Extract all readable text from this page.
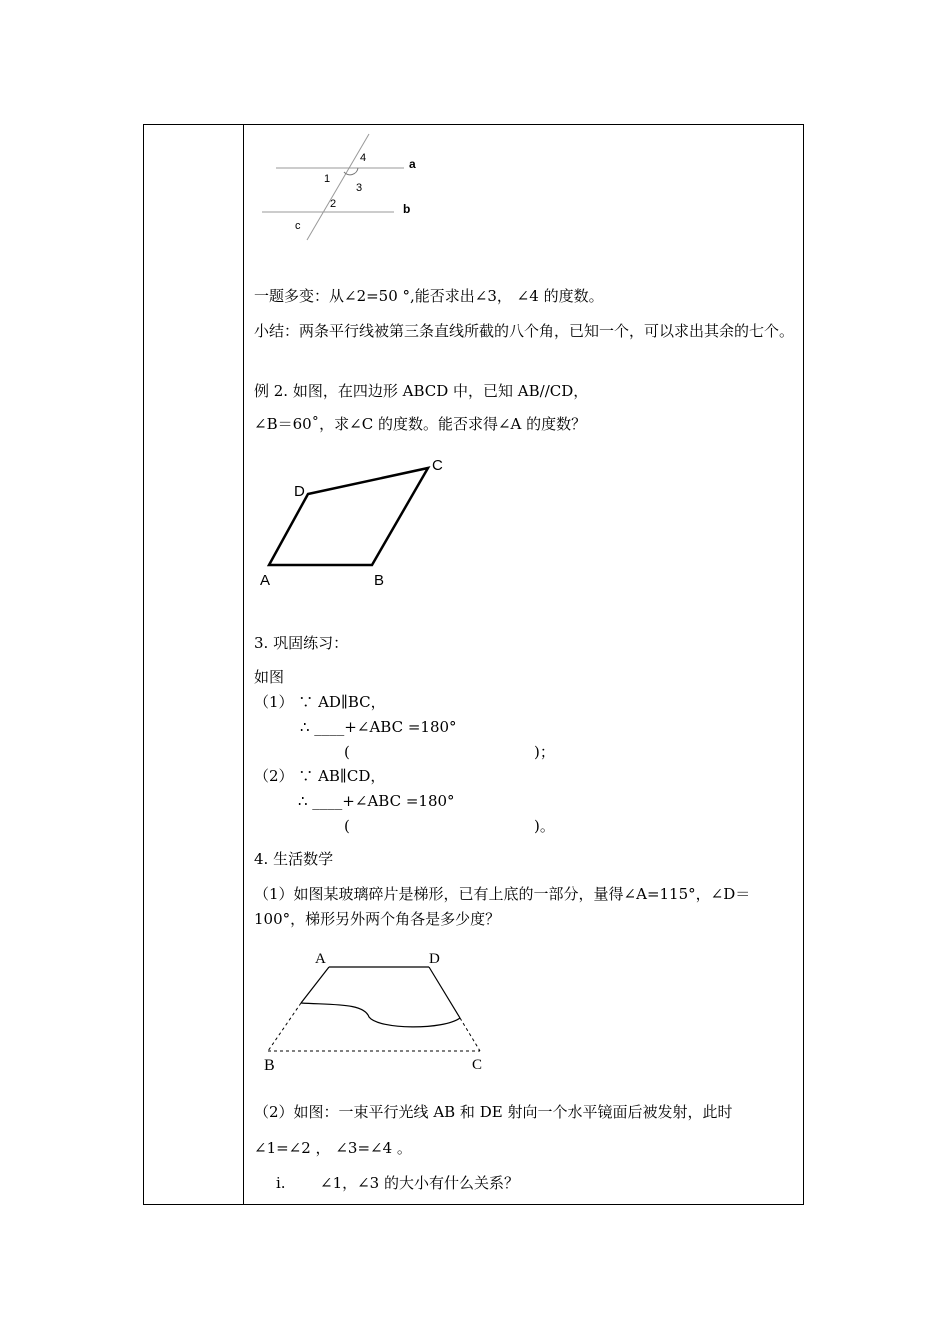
4
1
3
2
c
a
b
一题多变：从∠2=50 °,能否求出∠3， ∠4 的度数。
小结：两条平行线被第三条直线所截的八个角，已知一个，可以求出其余的七个。
例 2. 如图，在四边形 ABCD 中，已知 AB//CD，
∠B＝60˚，求∠C 的度数。能否求得∠A 的度数？
3. 巩固练习：
如图
（1） ∵ AD∥BC，
∴ ____+∠ABC =180°
(	)；
（2） ∵ AB∥CD，
∴ ____+∠ABC =180°
(	)。
4. 生活数学
（1）如图某玻璃碎片是梯形，已有上底的一部分，量得∠A=115°，∠D＝100°，梯形另外两个角各是多少度？
（2）如图：一束平行光线 AB 和 DE 射向一个水平镜面后被发射，此时
∠1=∠2 ， ∠3=∠4 。
i. ∠1，∠3 的大小有什么关系？
A	B
C
D
A	D
B	C
